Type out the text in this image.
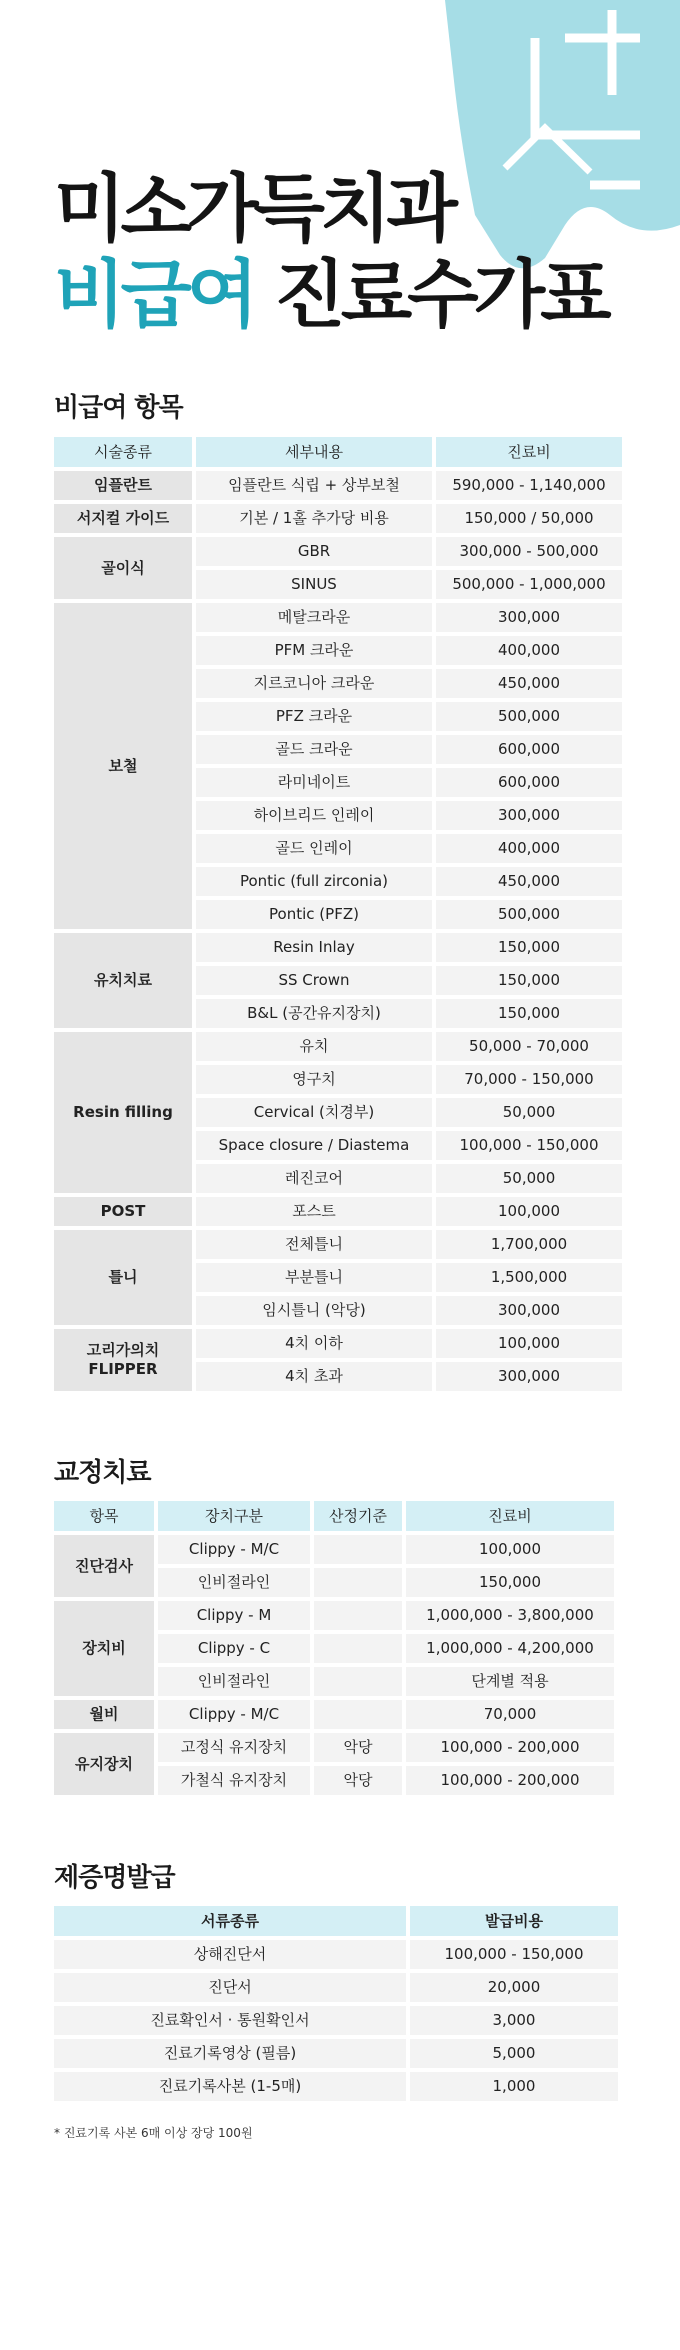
미소가득치과
비급여 진료수가표
비급여 항목
시술종류	세부내용	진료비
임플란트	임플란트 식립 + 상부보철	590,000 - 1,140,000
서지컬 가이드	기본 / 1홀 추가당 비용	150,000 / 50,000
골이식	GBR	300,000 - 500,000
	SINUS	500,000 - 1,000,000
보철	메탈크라운	300,000
	PFM 크라운	400,000
	지르코니아 크라운	450,000
	PFZ 크라운	500,000
	골드 크라운	600,000
	라미네이트	600,000
	하이브리드 인레이	300,000
	골드 인레이	400,000
	Pontic (full zirconia)	450,000
	Pontic (PFZ)	500,000
유치치료	Resin Inlay	150,000
	SS Crown	150,000
	B&L (공간유지장치)	150,000
Resin filling	유치	50,000 - 70,000
	영구치	70,000 - 150,000
	Cervical (치경부)	50,000
	Space closure / Diastema	100,000 - 150,000
	레진코어	50,000
POST	포스트	100,000
틀니	전체틀니	1,700,000
	부분틀니	1,500,000
	임시틀니 (악당)	300,000
고리가의치 FLIPPER	4치 이하	100,000
	4치 초과	300,000
교정치료
항목	장치구분	산정기준	진료비
진단검사	Clippy - M/C		100,000
	인비절라인		150,000
장치비	Clippy - M		1,000,000 - 3,800,000
	Clippy - C		1,000,000 - 4,200,000
	인비절라인		단계별 적용
월비	Clippy - M/C		70,000
유지장치	고정식 유지장치	악당	100,000 - 200,000
	가철식 유지장치	악당	100,000 - 200,000
제증명발급
서류종류	발급비용
상해진단서	100,000 - 150,000
진단서	20,000
진료확인서 · 통원확인서	3,000
진료기록영상 (필름)	5,000
진료기록사본 (1-5매)	1,000
* 진료기록 사본 6매 이상 장당 100원
